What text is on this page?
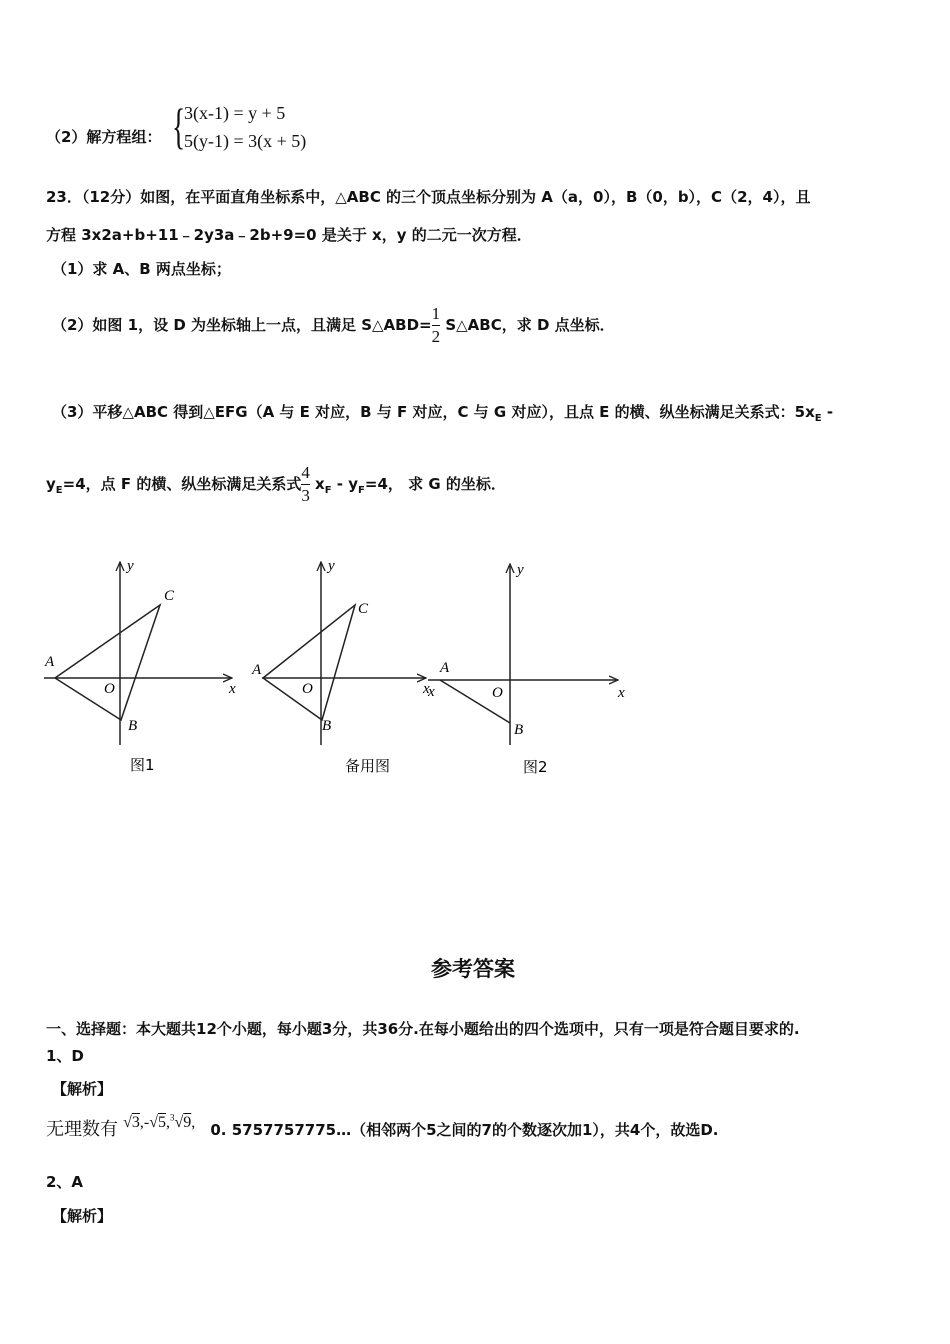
（2）解方程组： {
3(x-1) = y + 5
5(y-1) = 3(x + 5)
23．（12分）如图，在平面直角坐标系中，△ABC 的三个顶点坐标分别为 A（a，0），B（0，b），C（2，4），且
方程 3x2a+b+11﹣2y3a﹣2b+9=0 是关于 x，y 的二元一次方程．
（1）求 A、B 两点坐标；
（2）如图 1，设 D 为坐标轴上一点，且满足 S△ABD= $\frac{1}{2}$ S△ABC，求 D 点坐标．
（3）平移△ABC 得到△EFG（A 与 E 对应，B 与 F 对应，C 与 G 对应），且点 E 的横、纵坐标满足关系式：$5x_E$ -
$y_E=4$，点 F 的横、纵坐标满足关系式 $\frac{4}{3} x_F - y_F=4$， 求 G 的坐标．
y
x
O
A
B
C
图1
y
x
O
A
B
C
备用图
y
x
x	O
A
B
图2
参考答案
一、选择题：本大题共12个小题，每小题3分，共36分.在每小题给出的四个选项中，只有一项是符合题目要求的.
1、D
【解析】
无理数有 √3,-√5,$^3$√9, 0. 5757757775…（相邻两个5之间的7的个数逐次加1），共4个，故选D.
2、A
【解析】
